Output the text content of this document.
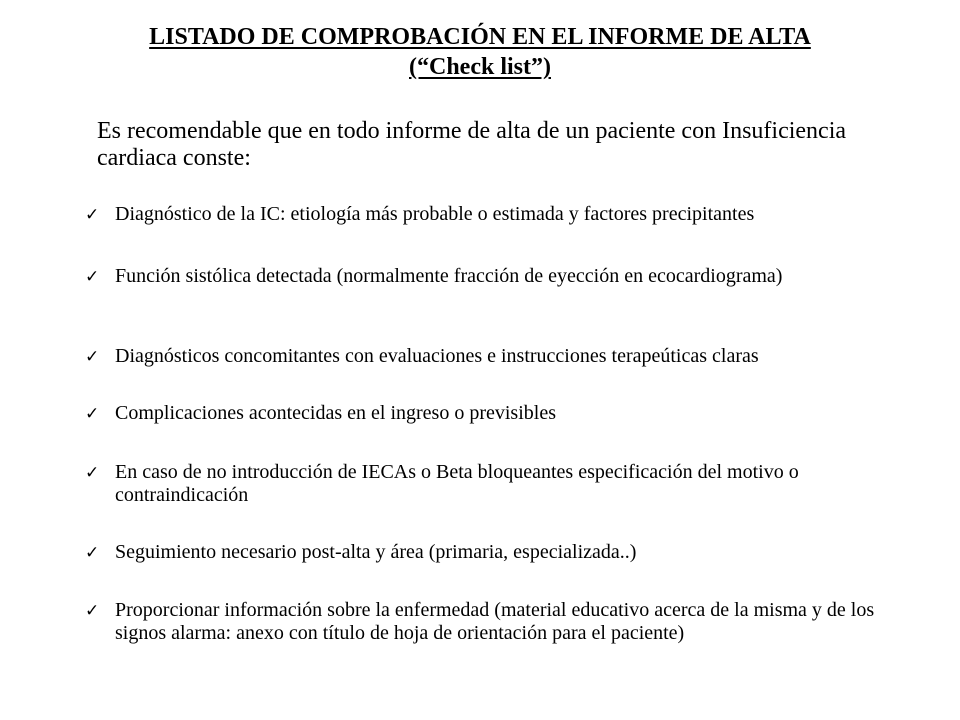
LISTADO DE COMPROBACIÓN EN EL INFORME DE ALTA
(“Check list”)
Es recomendable que en todo informe de alta de un paciente con Insuficiencia cardiaca conste:
✓ Diagnóstico de la IC: etiología más probable o estimada y factores precipitantes
✓ Función sistólica detectada (normalmente fracción de eyección en ecocardiograma)
✓ Diagnósticos concomitantes con evaluaciones e instrucciones terapeúticas claras
✓ Complicaciones acontecidas en el ingreso o previsibles
✓ En caso de no introducción de IECAs o Beta bloqueantes especificación del motivo o contraindicación
✓ Seguimiento necesario post-alta y área (primaria, especializada..)
✓ Proporcionar información sobre la enfermedad (material educativo acerca de la misma y de los signos alarma: anexo con título de hoja de orientación para el paciente)
